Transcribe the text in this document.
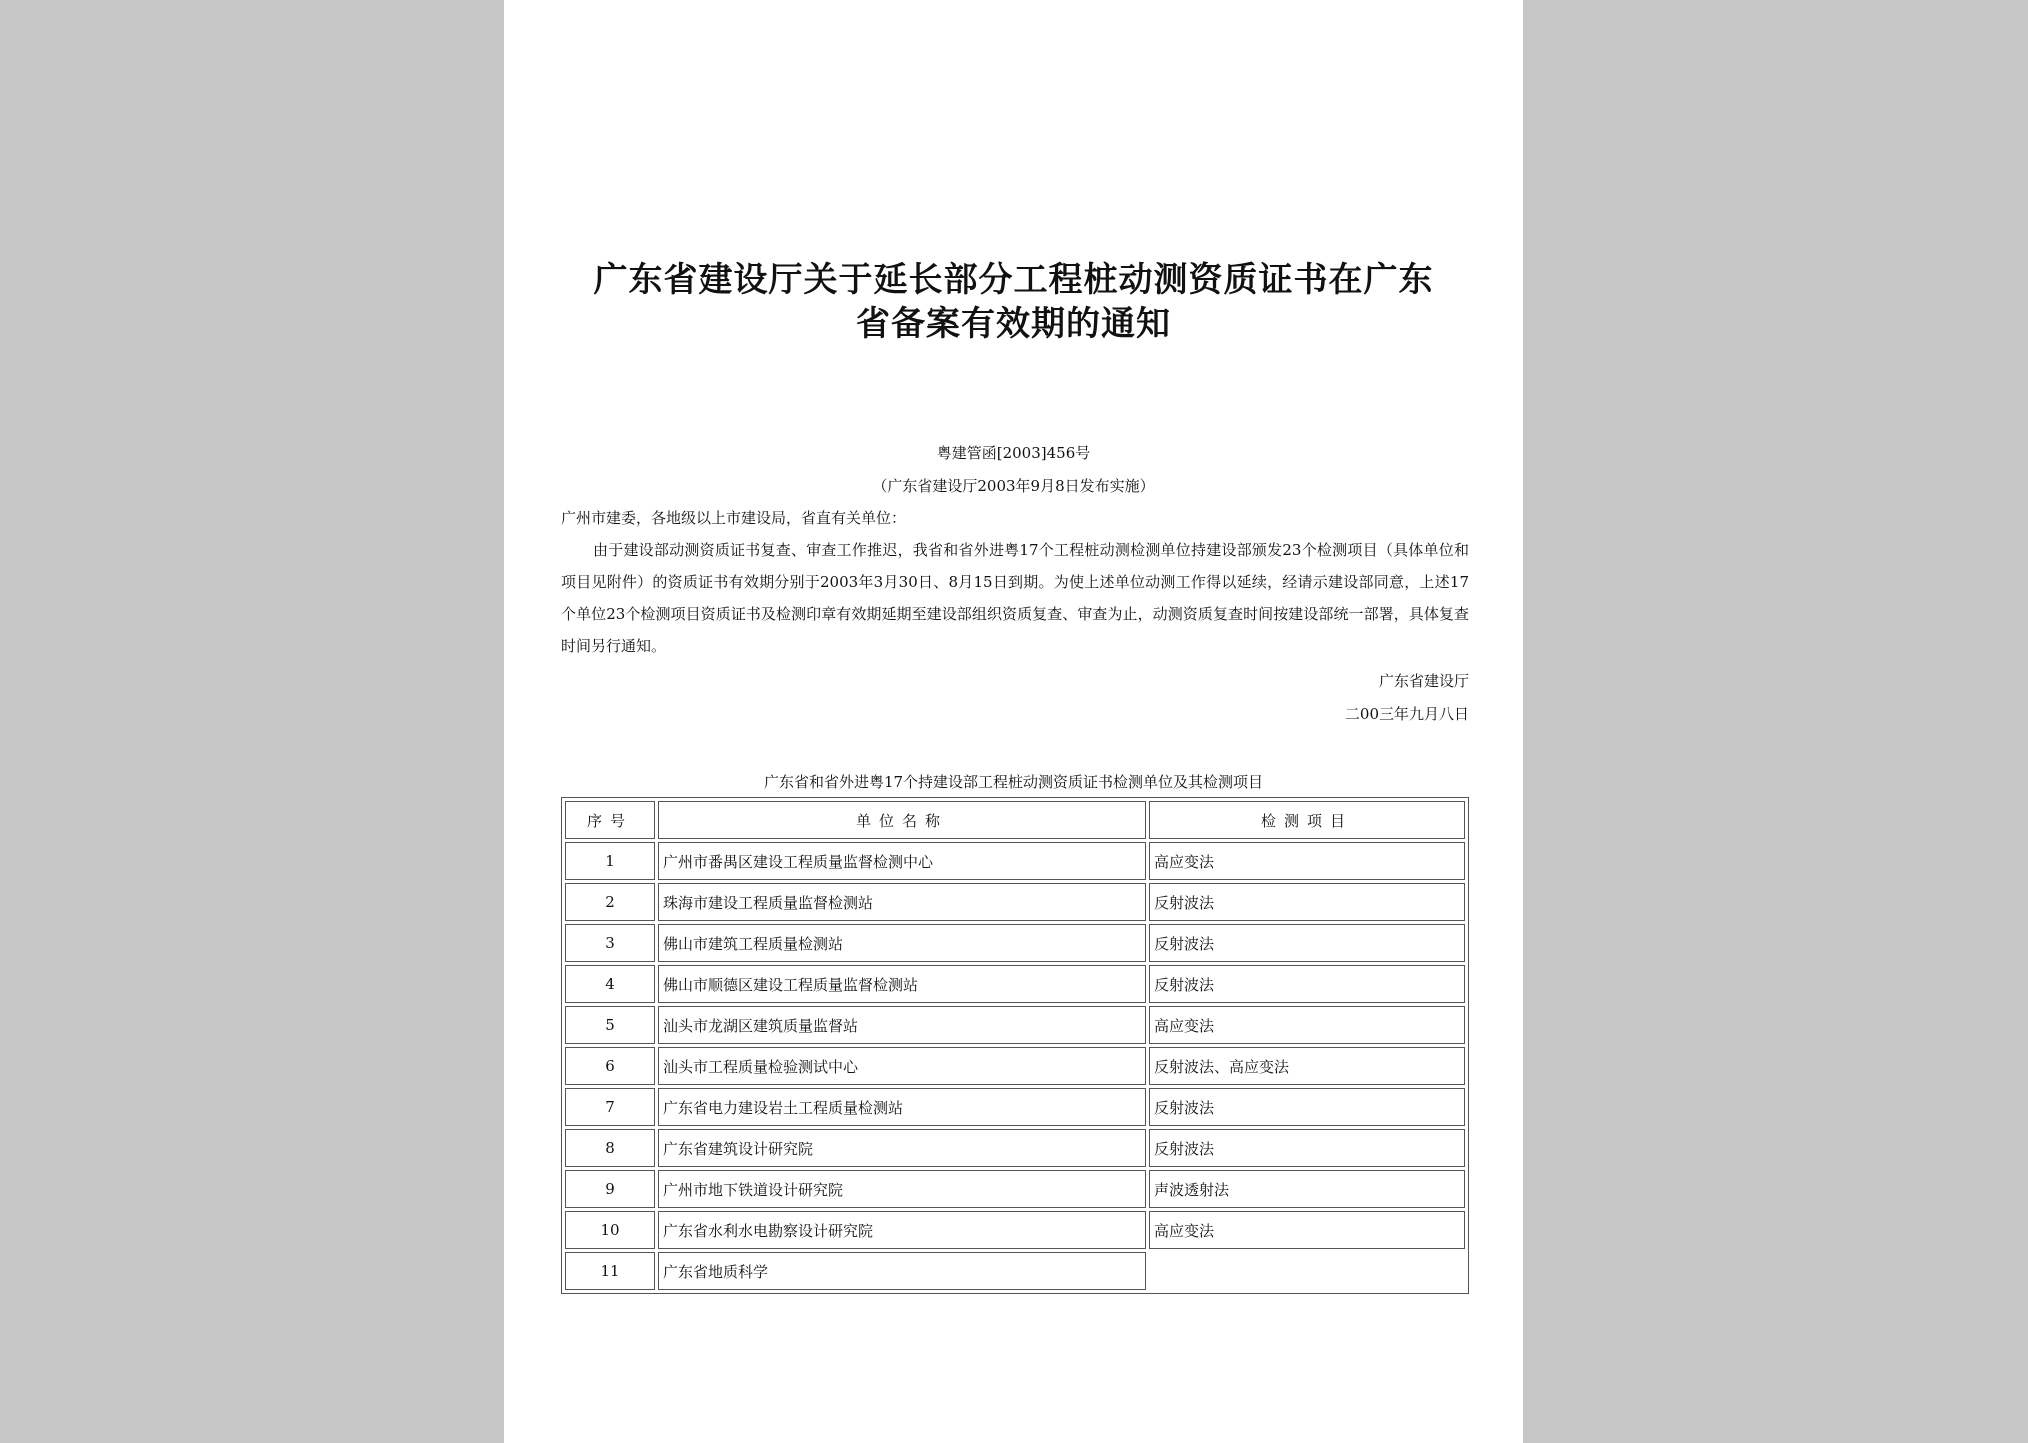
广东省建设厅关于延长部分工程桩动测资质证书在广东
省备案有效期的通知
粤建管函[2003]456号
（广东省建设厅2003年9月8日发布实施）
广州市建委，各地级以上市建设局，省直有关单位：
由于建设部动测资质证书复查、审查工作推迟，我省和省外进粤17个工程桩动测检测单位持建设部颁发23个检测项目（具体单位和项目见附件）的资质证书有效期分别于2003年3月30日、8月15日到期。为使上述单位动测工作得以延续，经请示建设部同意，上述17个单位23个检测项目资质证书及检测印章有效期延期至建设部组织资质复查、审查为止，动测资质复查时间按建设部统一部署，具体复查时间另行通知。
广东省建设厅
二00三年九月八日
广东省和省外进粤17个持建设部工程桩动测资质证书检测单位及其检测项目
序号	单位名称	检测项目
1	广州市番禺区建设工程质量监督检测中心	高应变法
2	珠海市建设工程质量监督检测站	反射波法
3	佛山市建筑工程质量检测站	反射波法
4	佛山市顺德区建设工程质量监督检测站	反射波法
5	汕头市龙湖区建筑质量监督站	高应变法
6	汕头市工程质量检验测试中心	反射波法、高应变法
7	广东省电力建设岩土工程质量检测站	反射波法
8	广东省建筑设计研究院	反射波法
9	广州市地下铁道设计研究院	声波透射法
10	广东省水利水电勘察设计研究院	高应变法
11	广东省地质科学	
